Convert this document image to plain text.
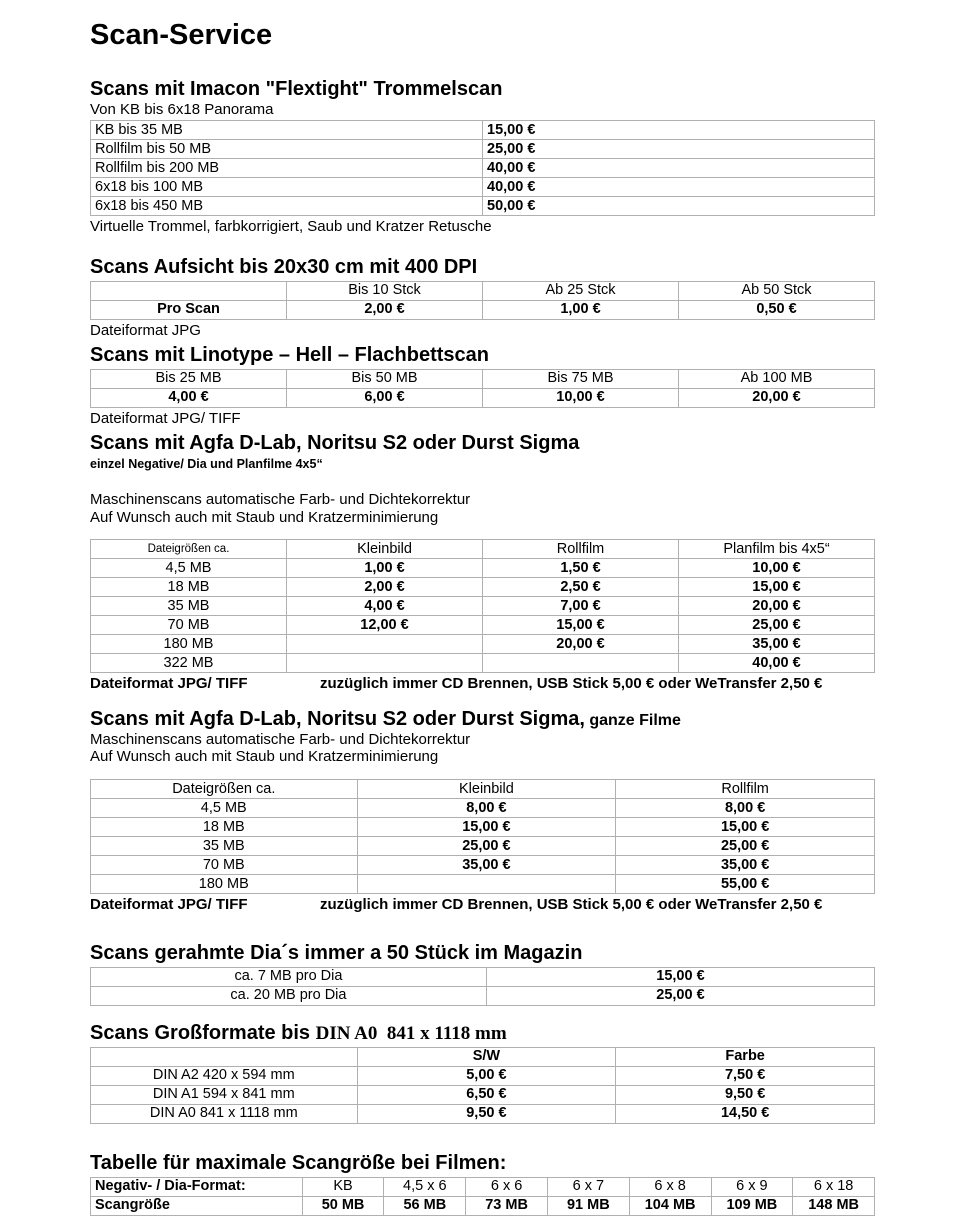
Scan-Service
Scans mit Imacon "Flextight" Trommelscan

Von KB bis 6x18 Panorama

KB bis 35 MB	15,00 €
Rollfilm bis 50 MB	25,00 €
Rollfilm bis 200 MB	40,00 €
6x18 bis 100 MB	40,00 €
6x18 bis 450 MB	50,00 €

Virtuelle Trommel, farbkorrigiert, Saub und Kratzer Retusche

Scans Aufsicht bis 20x30 cm mit 400 DPI
	Bis 10 Stck	Ab 25 Stck	Ab 50 Stck
Pro Scan	2,00 €	1,00 €	0,50 €

Dateiformat JPG

Scans mit Linotype – Hell – Flachbettscan
Bis 25 MB	Bis 50 MB	Bis 75 MB	Ab 100 MB
4,00 €	6,00 €	10,00 €	20,00 €

Dateiformat JPG/ TIFF

Scans mit Agfa D-Lab, Noritsu S2 oder Durst Sigma

einzel Negative/ Dia und Planfilme 4x5“

Maschinenscans automatische Farb- und Dichtekorrektur

Auf Wunsch auch mit Staub und Kratzerminimierung

Dateigrößen ca.	Kleinbild	Rollfilm	Planfilm bis 4x5“
4,5 MB	1,00 €	1,50 €	10,00 €
18 MB	2,00 €	2,50 €	15,00 €
35 MB	4,00 €	7,00 €	20,00 €
70 MB	12,00 €	15,00 €	25,00 €
180 MB		20,00 €	35,00 €
322 MB			40,00 €

Dateiformat JPG/ TIFF	zuzüglich immer CD Brennen, USB Stick 5,00 € oder WeTransfer 2,50 €

Scans mit Agfa D-Lab, Noritsu S2 oder Durst Sigma, ganze Filme

Maschinenscans automatische Farb- und Dichtekorrektur

Auf Wunsch auch mit Staub und Kratzerminimierung

Dateigrößen ca.	Kleinbild	Rollfilm
4,5 MB	8,00 €	8,00 €
18 MB	15,00 €	15,00 €
35 MB	25,00 €	25,00 €
70 MB	35,00 €	35,00 €
180 MB		55,00 €

Dateiformat JPG/ TIFF	zuzüglich immer CD Brennen, USB Stick 5,00 € oder WeTransfer 2,50 €

Scans gerahmte Dia´s immer a 50 Stück im Magazin
ca. 7 MB pro Dia	15,00 €
ca. 20 MB pro Dia	25,00 €
Scans Großformate bis DIN A0  841 x 1118 mm
	S/W	Farbe
DIN A2 420 x 594 mm	5,00 €	7,50 €
DIN A1 594 x 841 mm	6,50 €	9,50 €
DIN A0 841 x 1118 mm	9,50 €	14,50 €
Tabelle für maximale Scangröße bei Filmen:
Negativ- / Dia-Format:	KB	4,5 x 6	6 x 6	6 x 7	6 x 8	6 x 9	6 x 18
Scangröße	50 MB	56 MB	73 MB	91 MB	104 MB	109 MB	148 MB
